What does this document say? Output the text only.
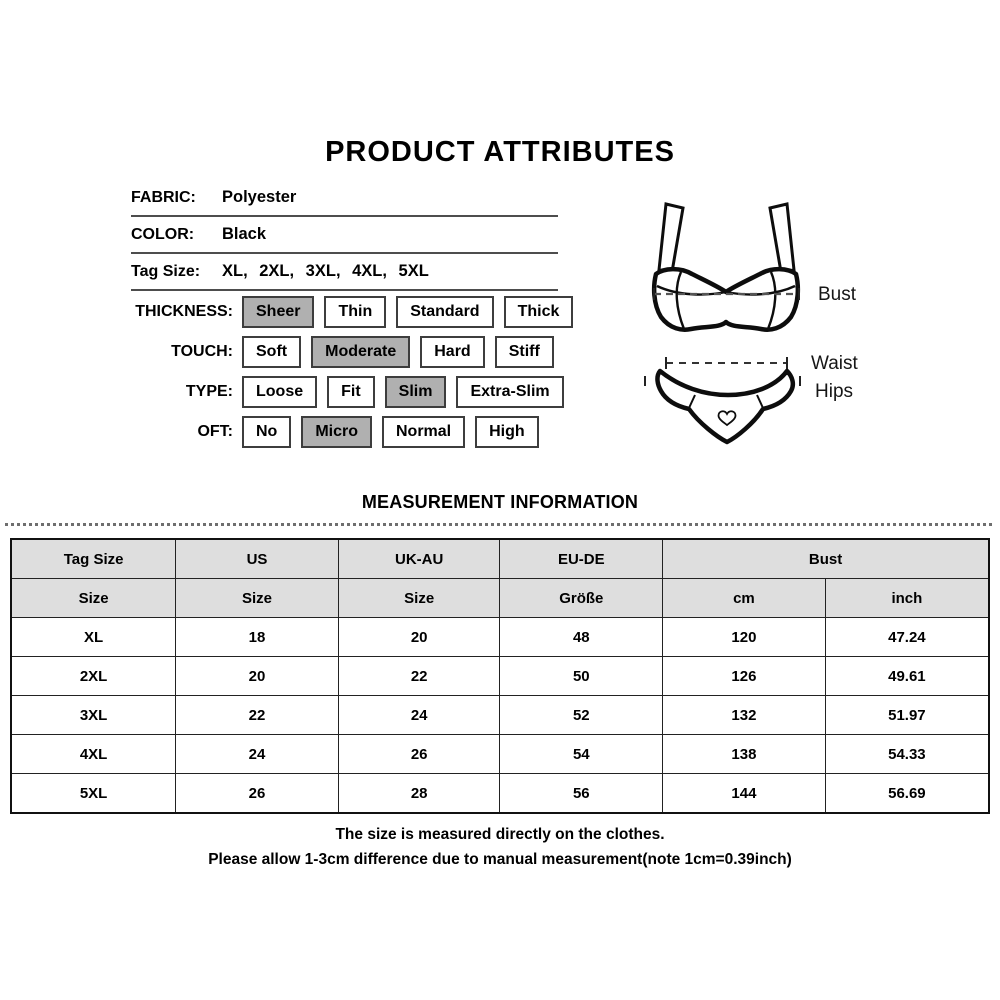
PRODUCT ATTRIBUTES
FABRIC:	Polyester
COLOR:	Black
Tag Size:	XL, 2XL, 3XL, 4XL, 5XL
THICKNESS:	Sheer	Thin	Standard	Thick
TOUCH:	Soft	Moderate	Hard	Stiff
TYPE:	Loose	Fit	Slim	Extra-Slim
OFT:	No	Micro	Normal	High
Bust
Waist
Hips
MEASUREMENT INFORMATION
Tag Size	US	UK-AU	EU-DE	Bust	
Size	Size	Size	Größe	cm	inch
XL	18	20	48	120	47.24
2XL	20	22	50	126	49.61
3XL	22	24	52	132	51.97
4XL	24	26	54	138	54.33
5XL	26	28	56	144	56.69
The size is measured directly on the clothes.
Please allow 1-3cm difference due to manual measurement(note 1cm=0.39inch)
